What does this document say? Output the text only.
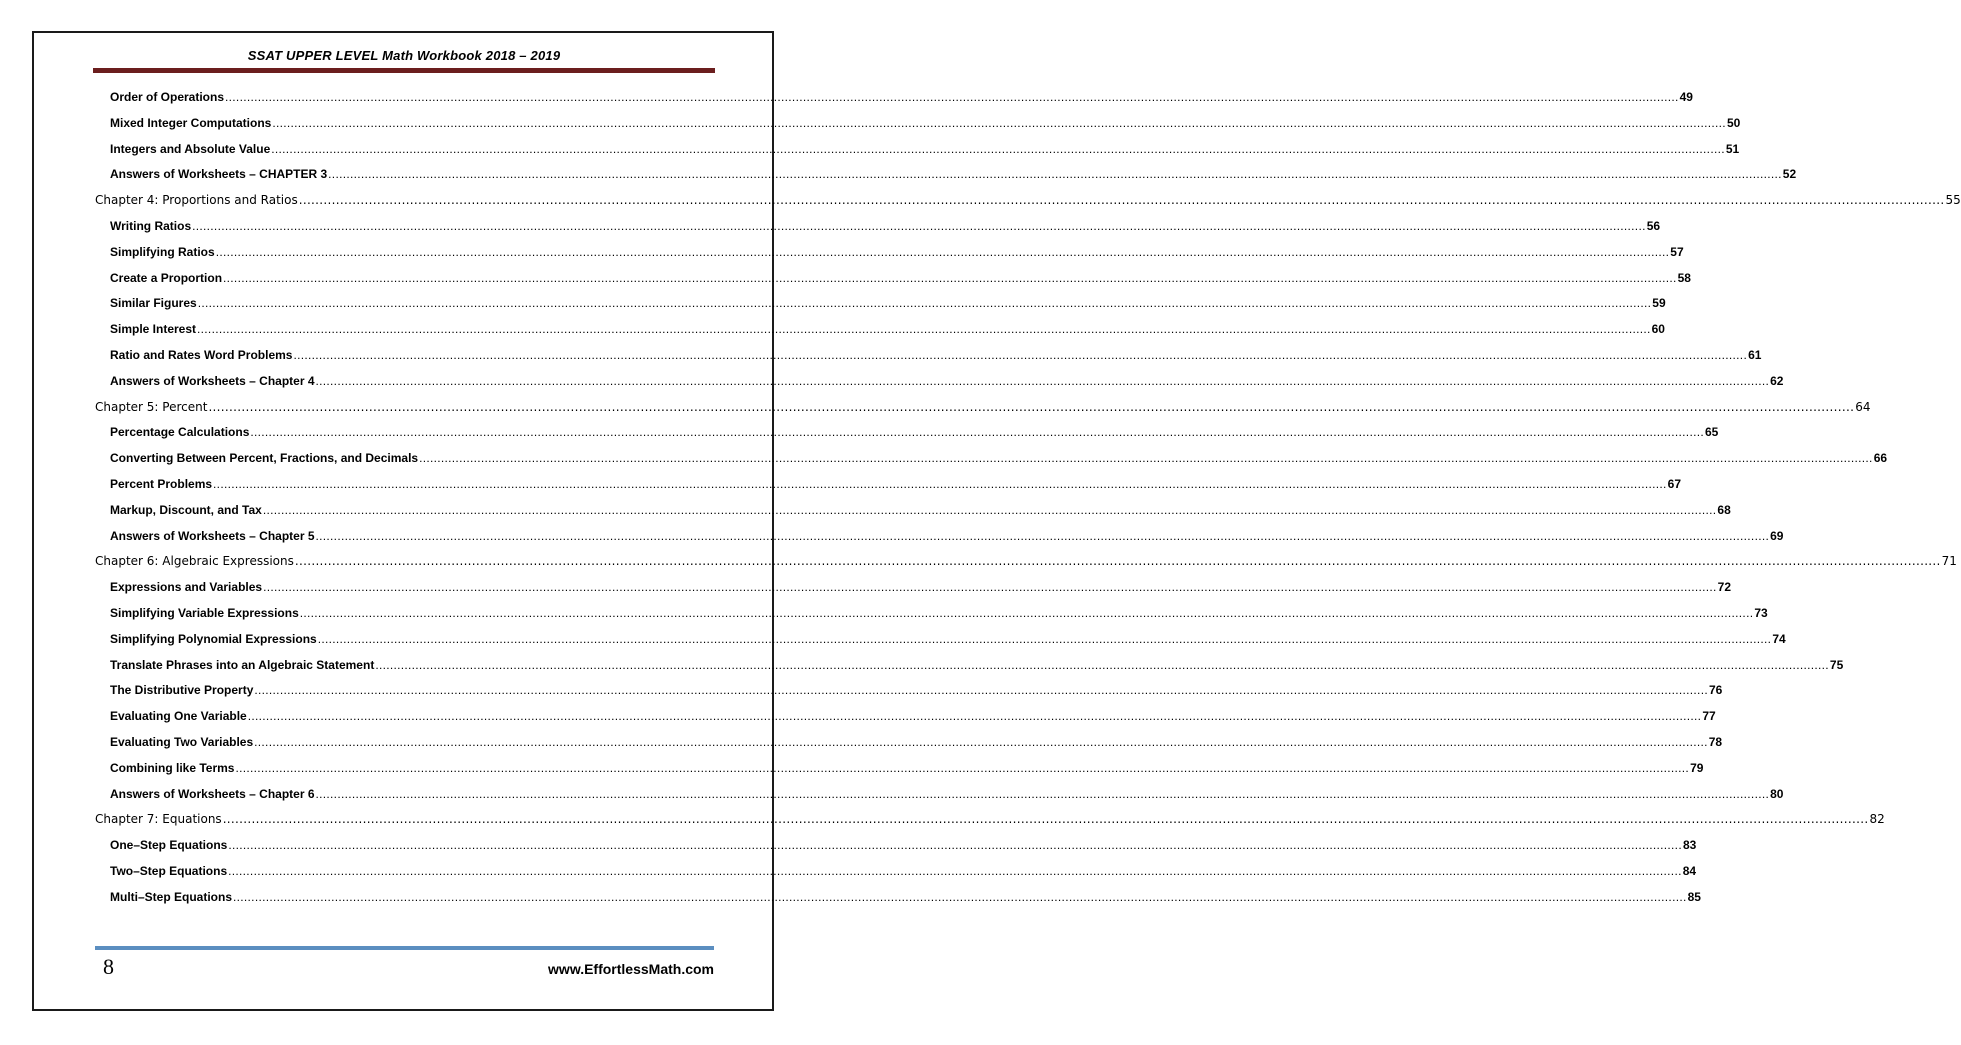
SSAT UPPER LEVEL Math Workbook 2018 – 2019
Order of Operations ................................................................................................................................................................................................................................................................................................................................................................................................................ 49
Mixed Integer Computations ................................................................................................................................................................................................................................................................................................................................................................................................................ 50
Integers and Absolute Value ................................................................................................................................................................................................................................................................................................................................................................................................................ 51
Answers of Worksheets – CHAPTER 3 ................................................................................................................................................................................................................................................................................................................................................................................................................ 52
Chapter 4: Proportions and Ratios ................................................................................................................................................................................................................................................................................................................................................................................................................ 55
Writing Ratios ................................................................................................................................................................................................................................................................................................................................................................................................................ 56
Simplifying Ratios ................................................................................................................................................................................................................................................................................................................................................................................................................ 57
Create a Proportion ................................................................................................................................................................................................................................................................................................................................................................................................................ 58
Similar Figures ................................................................................................................................................................................................................................................................................................................................................................................................................ 59
Simple Interest ................................................................................................................................................................................................................................................................................................................................................................................................................ 60
Ratio and Rates Word Problems ................................................................................................................................................................................................................................................................................................................................................................................................................ 61
Answers of Worksheets – Chapter 4 ................................................................................................................................................................................................................................................................................................................................................................................................................ 62
Chapter 5: Percent ................................................................................................................................................................................................................................................................................................................................................................................................................ 64
Percentage Calculations ................................................................................................................................................................................................................................................................................................................................................................................................................ 65
Converting Between Percent, Fractions, and Decimals ................................................................................................................................................................................................................................................................................................................................................................................................................ 66
Percent Problems ................................................................................................................................................................................................................................................................................................................................................................................................................ 67
Markup, Discount, and Tax ................................................................................................................................................................................................................................................................................................................................................................................................................ 68
Answers of Worksheets – Chapter 5 ................................................................................................................................................................................................................................................................................................................................................................................................................ 69
Chapter 6: Algebraic Expressions ................................................................................................................................................................................................................................................................................................................................................................................................................ 71
Expressions and Variables ................................................................................................................................................................................................................................................................................................................................................................................................................ 72
Simplifying Variable Expressions ................................................................................................................................................................................................................................................................................................................................................................................................................ 73
Simplifying Polynomial Expressions ................................................................................................................................................................................................................................................................................................................................................................................................................ 74
Translate Phrases into an Algebraic Statement ................................................................................................................................................................................................................................................................................................................................................................................................................ 75
The Distributive Property ................................................................................................................................................................................................................................................................................................................................................................................................................ 76
Evaluating One Variable ................................................................................................................................................................................................................................................................................................................................................................................................................ 77
Evaluating Two Variables ................................................................................................................................................................................................................................................................................................................................................................................................................ 78
Combining like Terms ................................................................................................................................................................................................................................................................................................................................................................................................................ 79
Answers of Worksheets – Chapter 6 ................................................................................................................................................................................................................................................................................................................................................................................................................ 80
Chapter 7: Equations ................................................................................................................................................................................................................................................................................................................................................................................................................ 82
One–Step Equations ................................................................................................................................................................................................................................................................................................................................................................................................................ 83
Two–Step Equations ................................................................................................................................................................................................................................................................................................................................................................................................................ 84
Multi–Step Equations ................................................................................................................................................................................................................................................................................................................................................................................................................ 85
8	www.EffortlessMath.com
